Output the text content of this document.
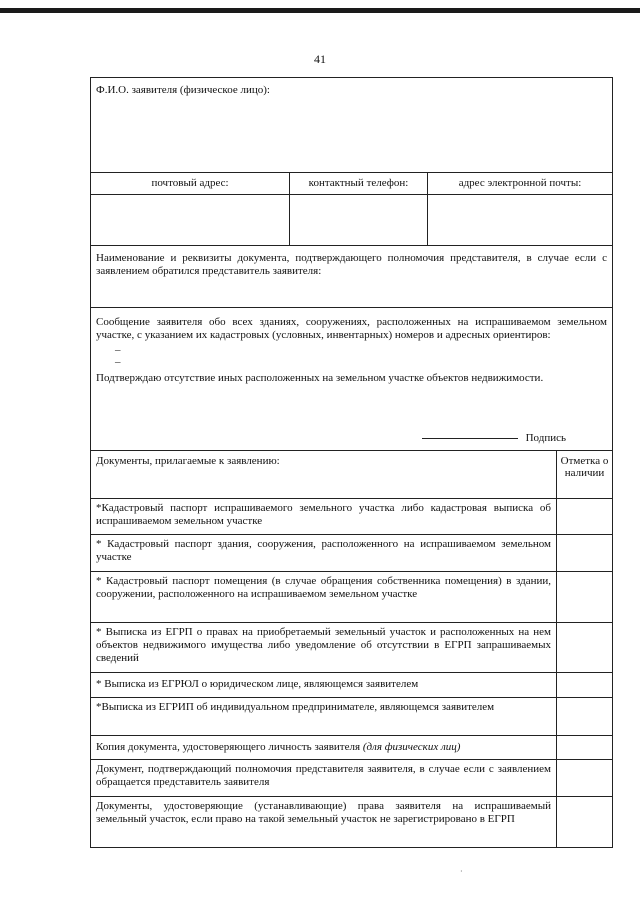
41
Ф.И.О. заявителя (физическое лицо):
почтовый адрес:	контактный телефон:	адрес электронной почты:
Наименование и реквизиты документа, подтверждающего полномочия представителя, в случае если с заявлением обратился представитель заявителя:
Сообщение заявителя обо всех зданиях, сооружениях, расположенных на испрашиваемом земельном участке, с указанием их кадастровых (условных, инвентарных) номеров и адресных ориентиров:
–
–
Подтверждаю отсутствие иных расположенных на земельном участке объектов недвижимости.
Подпись
Документы, прилагаемые к заявлению:	Отметка о наличии
*Кадастровый паспорт испрашиваемого земельного участка либо кадастровая выписка об испрашиваемом земельном участке
* Кадастровый паспорт здания, сооружения, расположенного на испрашиваемом земельном участке
* Кадастровый паспорт помещения (в случае обращения собственника помещения) в здании, сооружении, расположенного на испрашиваемом земельном участке
* Выписка из ЕГРП о правах на приобретаемый земельный участок и расположенных на нем объектов недвижимого имущества либо уведомление об отсутствии в ЕГРП запрашиваемых сведений
* Выписка из ЕГРЮЛ о юридическом лице, являющемся заявителем
*Выписка из ЕГРИП об индивидуальном предпринимателе, являющемся заявителем
Копия документа, удостоверяющего личность заявителя (для физических лиц)
Документ, подтверждающий полномочия представителя заявителя, в случае если с заявлением обращается представитель заявителя
Документы, удостоверяющие (устанавливающие) права заявителя на испрашиваемый земельный участок, если право на такой земельный участок не зарегистрировано в ЕГРП
·
